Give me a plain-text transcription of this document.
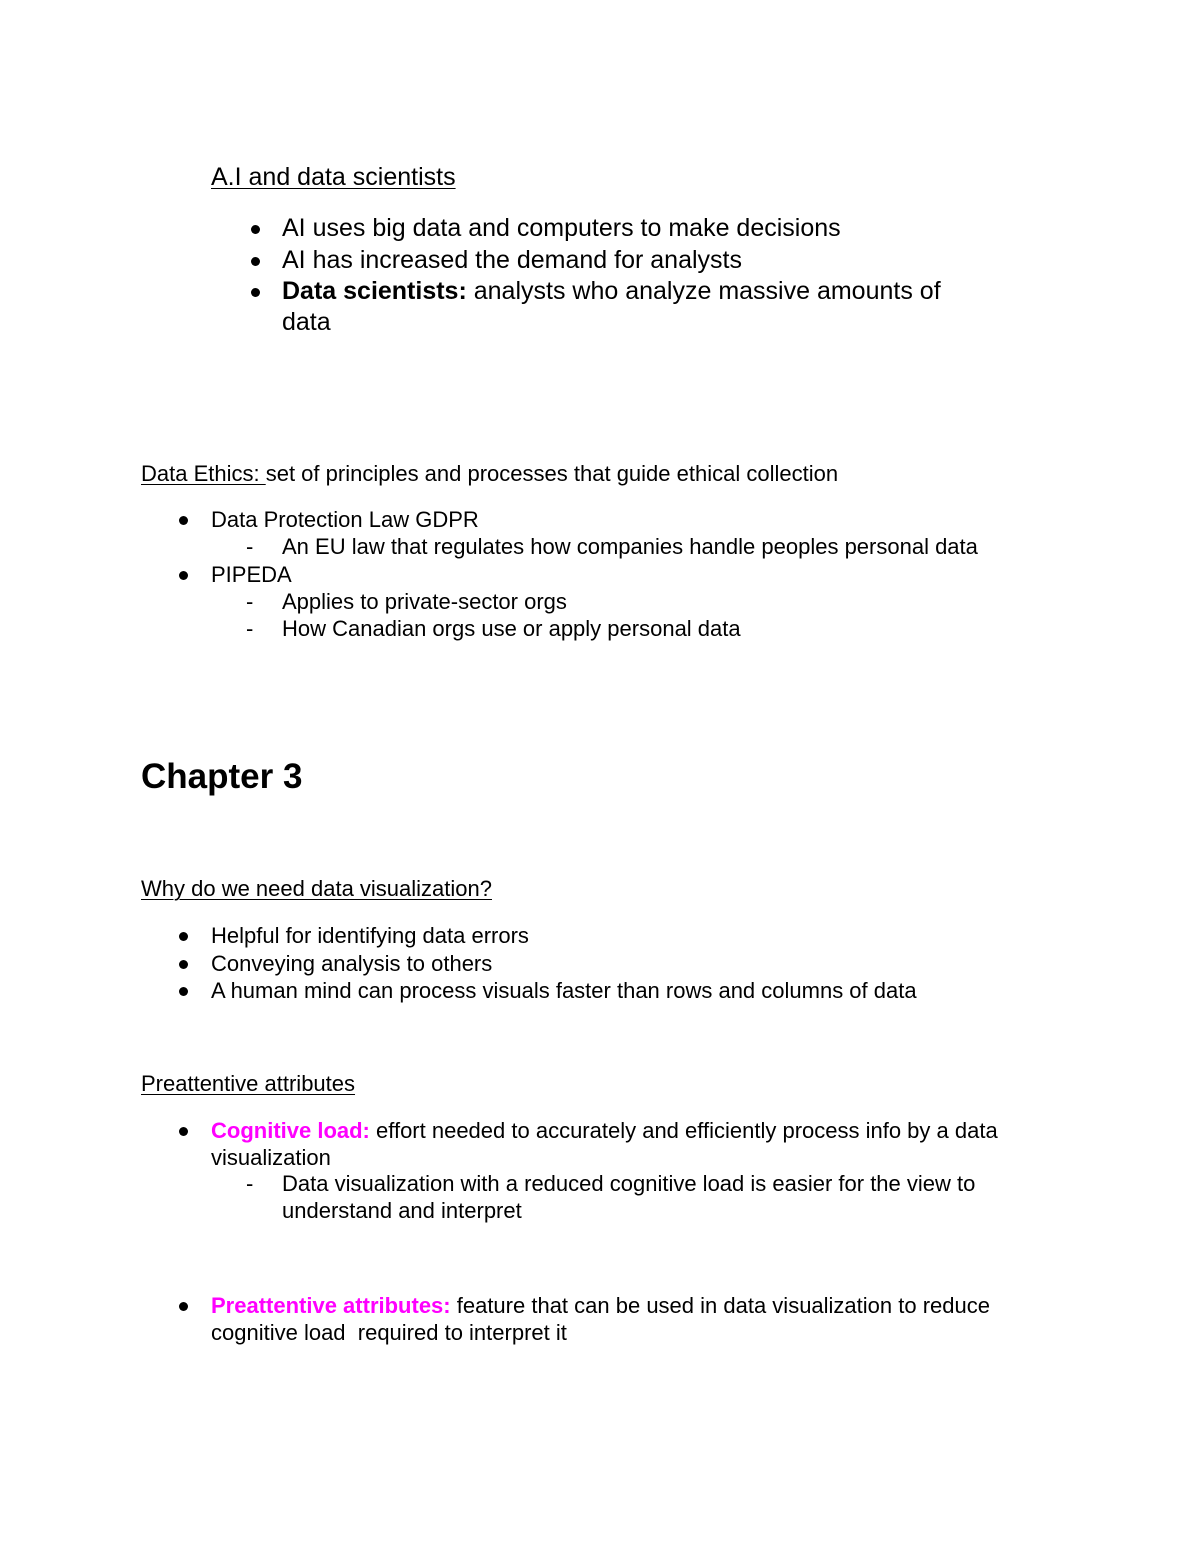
A.I and data scientists
AI uses big data and computers to make decisions
AI has increased the demand for analysts
Data scientists: analysts who analyze massive amounts of
data
Data Ethics: set of principles and processes that guide ethical collection
Data Protection Law GDPR
- An EU law that regulates how companies handle peoples personal data
PIPEDA
- Applies to private-sector orgs
- How Canadian orgs use or apply personal data
Chapter 3
Why do we need data visualization?
Helpful for identifying data errors
Conveying analysis to others
A human mind can process visuals faster than rows and columns of data
Preattentive attributes
Cognitive load: effort needed to accurately and efficiently process info by a data
visualization
- Data visualization with a reduced cognitive load is easier for the view to
understand and interpret
Preattentive attributes: feature that can be used in data visualization to reduce
cognitive load  required to interpret it
